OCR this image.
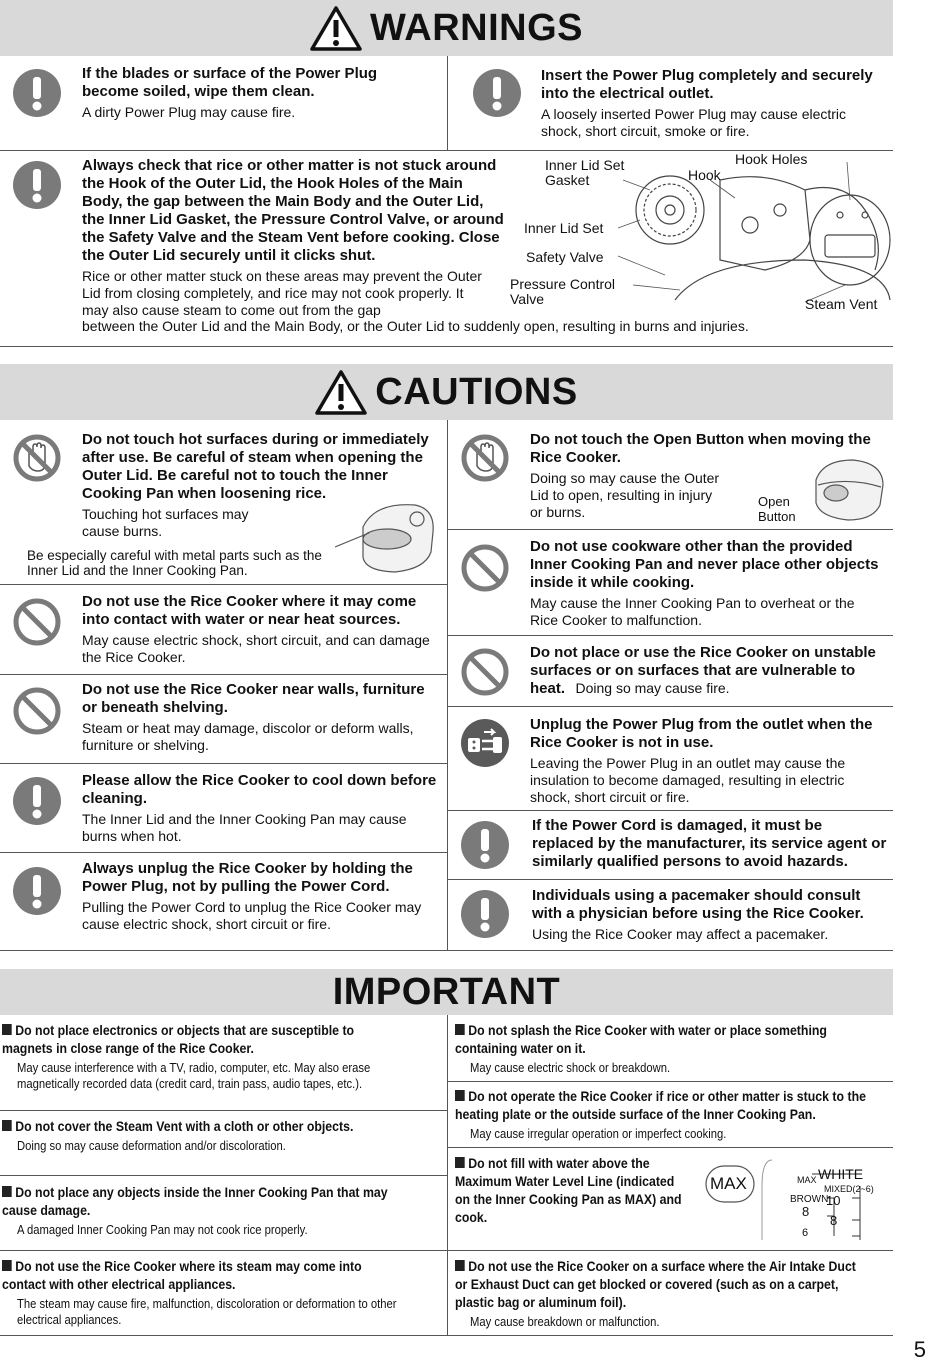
WARNINGS

If the blades or surface of the Power Plug become soiled, wipe them clean.

A dirty Power Plug may cause fire.

Insert the Power Plug completely and securely into the electrical outlet.

A loosely inserted Power Plug may cause electric shock, short circuit, smoke or fire.

Always check that rice or other matter is not stuck around the Hook of the Outer Lid, the Hook Holes of the Main Body, the gap between the Main Body and the Outer Lid, the Inner Lid Gasket, the Pressure Control Valve, or around the Safety Valve and the Steam Vent before cooking. Close the Outer Lid securely until it clicks shut.

Rice or other matter stuck on these areas may prevent the Outer Lid from closing completely, and rice may not cook properly. It may also cause steam to come out from the gap

between the Outer Lid and the Main Body, or the Outer Lid to suddenly open, resulting in burns and injuries.

Inner Lid Set Gasket	Hook
Hook Holes
Inner Lid Set
Safety Valve
Pressure Control Valve	Steam Vent
CAUTIONS

Do not touch hot surfaces during or immediately after use. Be careful of steam when opening the Outer Lid. Be careful not to touch the Inner Cooking Pan when loosening rice.

Touching hot surfaces may cause burns.

Be especially careful with metal parts such as the Inner Lid and the Inner Cooking Pan.

Do not use the Rice Cooker where it may come into contact with water or near heat sources.

May cause electric shock, short circuit, and can damage the Rice Cooker.

Do not use the Rice Cooker near walls, furniture or beneath shelving.

Steam or heat may damage, discolor or deform walls, furniture or shelving.

Please allow the Rice Cooker to cool down before cleaning.

The Inner Lid and the Inner Cooking Pan may cause burns when hot.

Always unplug the Rice Cooker by holding the Power Plug, not by pulling the Power Cord.

Pulling the Power Cord to unplug the Rice Cooker may cause electric shock, short circuit or fire.

Do not touch the Open Button when moving the Rice Cooker.

Doing so may cause the Outer Lid to open, resulting in injury or burns.

Open Button

Do not use cookware other than the provided Inner Cooking Pan and never place other objects inside it while cooking.

May cause the Inner Cooking Pan to overheat or the Rice Cooker to malfunction.

Do not place or use the Rice Cooker on unstable surfaces or on surfaces that are vulnerable to heat. Doing so may cause fire.

Unplug the Power Plug from the outlet when the Rice Cooker is not in use.

Leaving the Power Plug in an outlet may cause the insulation to become damaged, resulting in electric shock, short circuit or fire.

If the Power Cord is damaged, it must be replaced by the manufacturer, its service agent or similarly qualified persons to avoid hazards.

Individuals using a pacemaker should consult with a physician before using the Rice Cooker.

Using the Rice Cooker may affect a pacemaker.

IMPORTANT

Do not place electronics or objects that are susceptible to magnets in close range of the Rice Cooker.

May cause interference with a TV, radio, computer, etc. May also erase magnetically recorded data (credit card, train pass, audio tapes, etc.).

Do not cover the Steam Vent with a cloth or other objects.

Doing so may cause deformation and/or discoloration.

Do not place any objects inside the Inner Cooking Pan that may cause damage.

A damaged Inner Cooking Pan may not cook rice properly.

Do not use the Rice Cooker where its steam may come into contact with other electrical appliances.

The steam may cause fire, malfunction, discoloration or deformation to other electrical appliances.

Do not splash the Rice Cooker with water or place something containing water on it.

May cause electric shock or breakdown.

Do not operate the Rice Cooker if rice or other matter is stuck to the heating plate or the outside surface of the Inner Cooking Pan.

May cause irregular operation or imperfect cooking.

Do not fill with water above the Maximum Water Level Line (indicated on the Inner Cooking Pan as MAX) and cook.

MAX	MAX WHITE
MIXED(2~6)
BROWN
10
8
8
6

Do not use the Rice Cooker on a surface where the Air Intake Duct or Exhaust Duct can get blocked or covered (such as on a carpet, plastic bag or aluminum foil).

May cause breakdown or malfunction.

5
